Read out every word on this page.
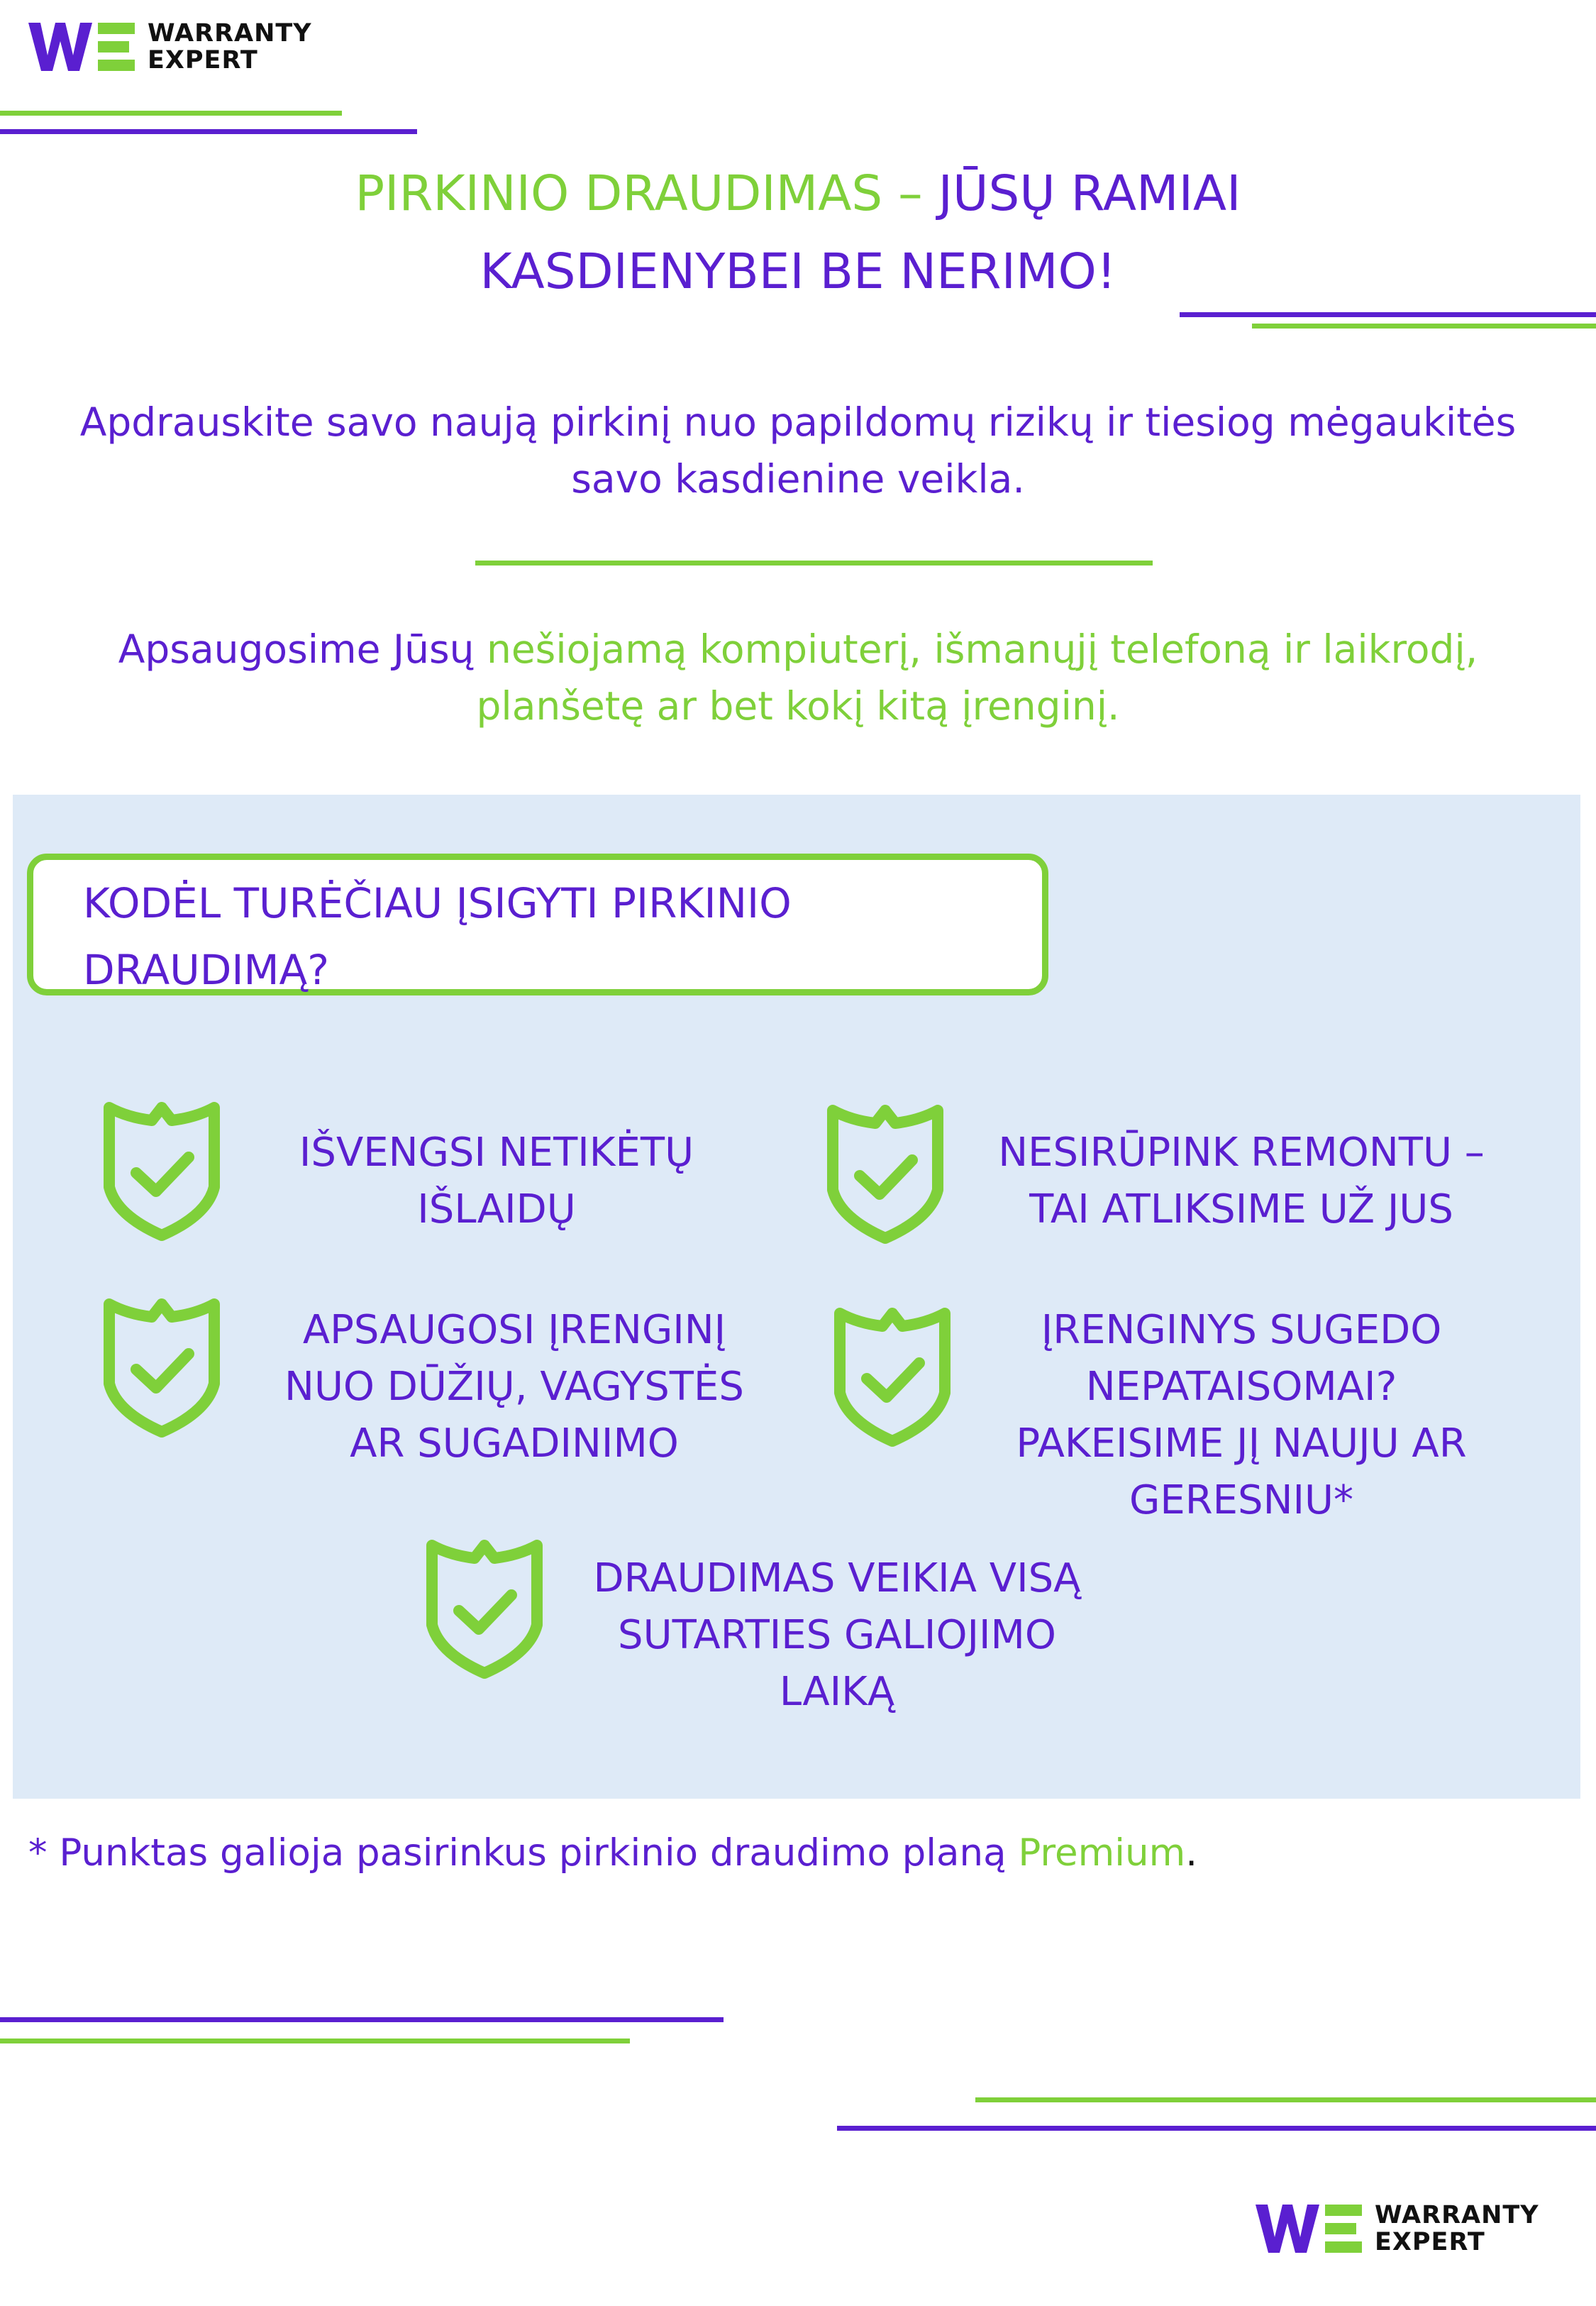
WARRANTY
EXPERT
PIRKINIO DRAUDIMAS – JŪSŲ RAMIAI
KASDIENYBEI BE NERIMO!
Apdrauskite savo naują pirkinį nuo papildomų rizikų ir tiesiog mėgaukitės
savo kasdienine veikla.
Apsaugosime Jūsų nešiojamą kompiuterį, išmanųjį telefoną ir laikrodį,
planšetę ar bet kokį kitą įrenginį.
KODĖL TURĖČIAU ĮSIGYTI PIRKINIO
DRAUDIMĄ?
IŠVENGSI NETIKĖTŲ
IŠLAIDŲ
NESIRŪPINK REMONTU –
TAI ATLIKSIME UŽ JUS
APSAUGOSI ĮRENGINĮ
NUO DŪŽIŲ, VAGYSTĖS
AR SUGADINIMO
ĮRENGINYS SUGEDO
NEPATAISOMAI?
PAKEISIME JĮ NAUJU AR
GERESNIU*
DRAUDIMAS VEIKIA VISĄ
SUTARTIES GALIOJIMO
LAIKĄ
* Punktas galioja pasirinkus pirkinio draudimo planą Premium.
WARRANTY
EXPERT
